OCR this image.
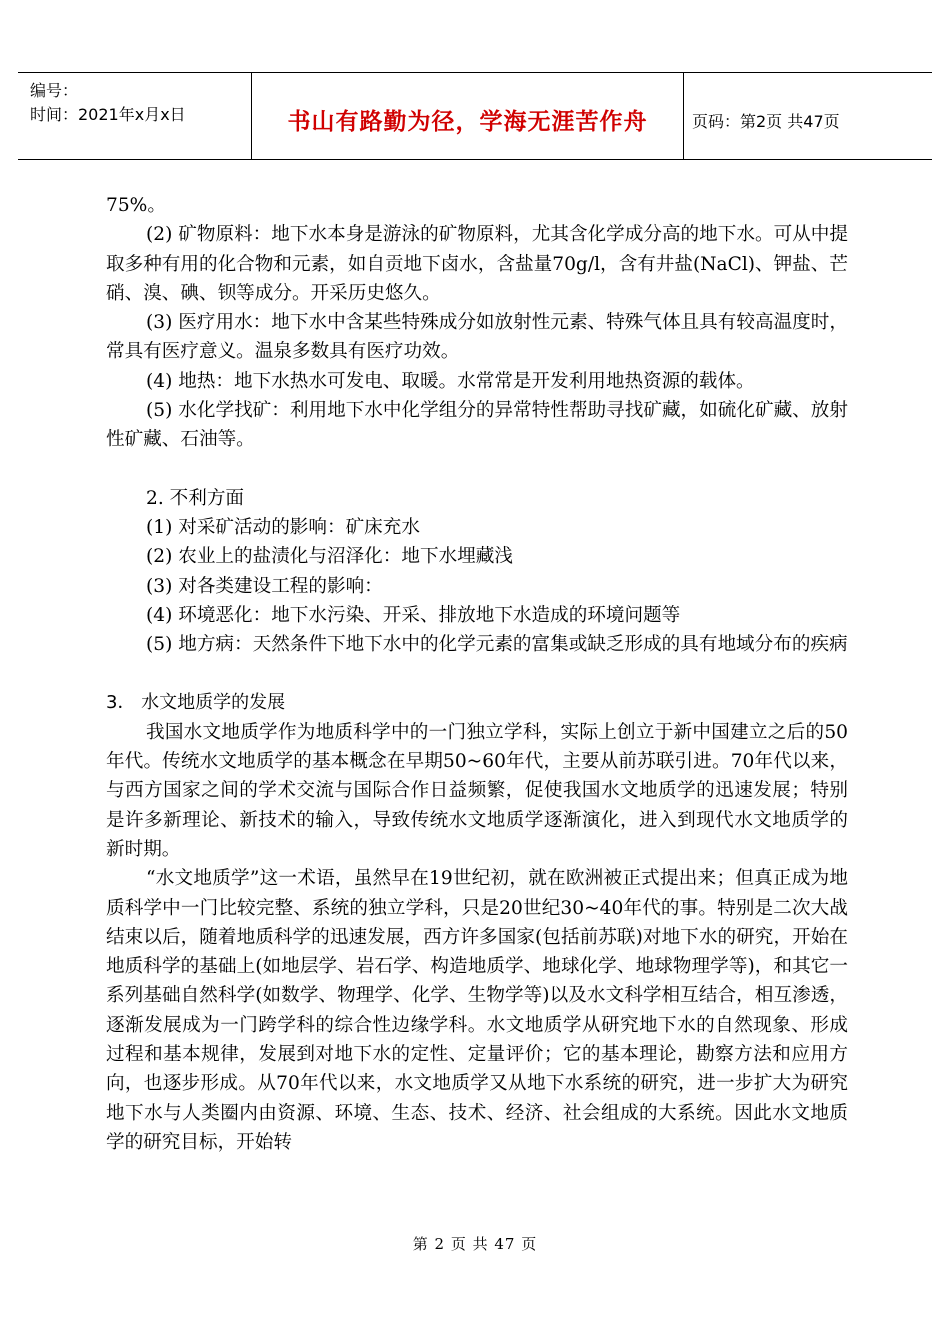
编号：
时间：2021年x月x日	书山有路勤为径，学海无涯苦作舟	页码：第2页 共47页

75%。

(2) 矿物原料：地下水本身是游泳的矿物原料，尤其含化学成分高的地下水。可从中提取多种有用的化合物和元素，如自贡地下卤水，含盐量70g/l，含有井盐(NaCl)、钾盐、芒硝、溴、碘、钡等成分。开采历史悠久。

(3) 医疗用水：地下水中含某些特殊成分如放射性元素、特殊气体且具有较高温度时，常具有医疗意义。温泉多数具有医疗功效。

(4) 地热：地下水热水可发电、取暖。水常常是开发利用地热资源的载体。

(5) 水化学找矿：利用地下水中化学组分的异常特性帮助寻找矿藏，如硫化矿藏、放射性矿藏、石油等。

2. 不利方面

(1) 对采矿活动的影响：矿床充水

(2) 农业上的盐渍化与沼泽化：地下水埋藏浅

(3) 对各类建设工程的影响：

(4) 环境恶化：地下水污染、开采、排放地下水造成的环境问题等

(5) 地方病：天然条件下地下水中的化学元素的富集或缺乏形成的具有地域分布的疾病

3． 水文地质学的发展

我国水文地质学作为地质科学中的一门独立学科，实际上创立于新中国建立之后的50年代。传统水文地质学的基本概念在早期50~60年代，主要从前苏联引进。70年代以来，与西方国家之间的学术交流与国际合作日益频繁，促使我国水文地质学的迅速发展；特别是许多新理论、新技术的输入，导致传统水文地质学逐渐演化，进入到现代水文地质学的新时期。

“水文地质学”这一术语，虽然早在19世纪初，就在欧洲被正式提出来；但真正成为地质科学中一门比较完整、系统的独立学科，只是20世纪30~40年代的事。特别是二次大战结束以后，随着地质科学的迅速发展，西方许多国家(包括前苏联)对地下水的研究，开始在地质科学的基础上(如地层学、岩石学、构造地质学、地球化学、地球物理学等)，和其它一系列基础自然科学(如数学、物理学、化学、生物学等)以及水文科学相互结合，相互渗透，逐渐发展成为一门跨学科的综合性边缘学科。水文地质学从研究地下水的自然现象、形成过程和基本规律，发展到对地下水的定性、定量评价；它的基本理论，勘察方法和应用方向，也逐步形成。从70年代以来，水文地质学又从地下水系统的研究，进一步扩大为研究地下水与人类圈内由资源、环境、生态、技术、经济、社会组成的大系统。因此水文地质学的研究目标，开始转

第 2 页 共 47 页
